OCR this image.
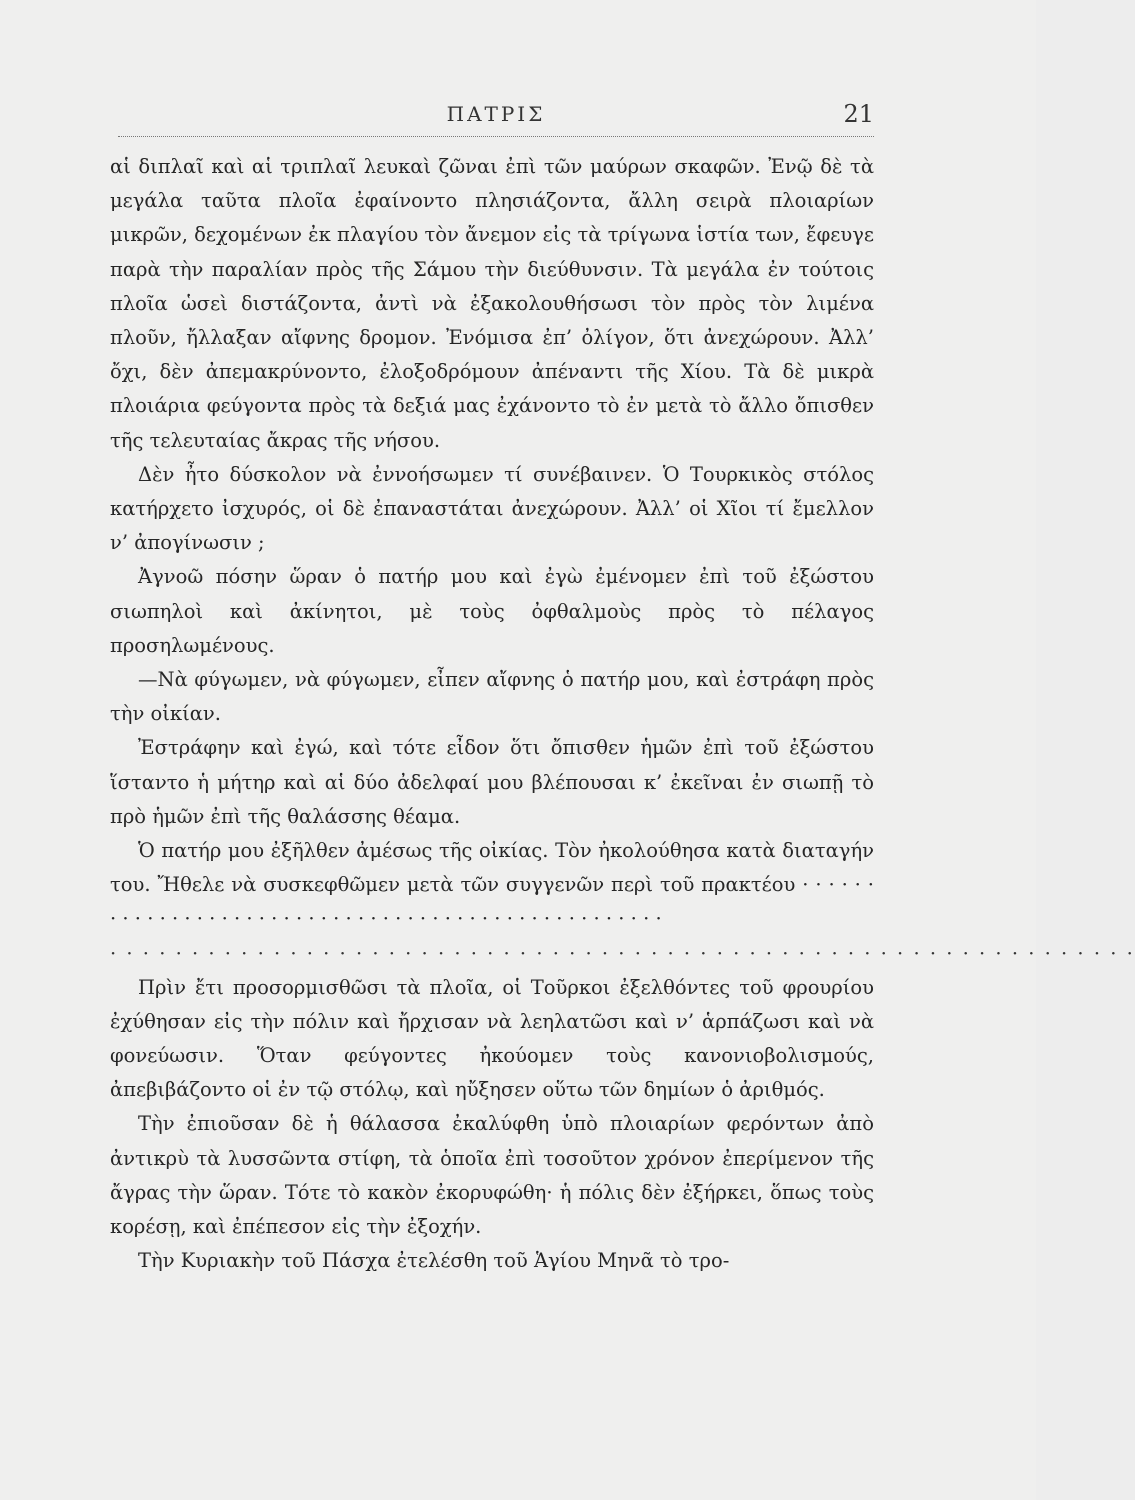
ΠΑΤΡΙΣ	21

αἱ διπλαῖ καὶ αἱ τριπλαῖ λευκαὶ ζῶναι ἐπὶ τῶν μαύρων σκαφῶν. Ἐνῷ δὲ τὰ μεγάλα ταῦτα πλοῖα ἐφαίνοντο πλησιάζοντα, ἄλλη σειρὰ πλοιαρίων μικρῶν, δεχομένων ἐκ πλαγίου τὸν ἄνεμον εἰς τὰ τρίγωνα ἱστία των, ἔφευγε παρὰ τὴν παραλίαν πρὸς τῆς Σάμου τὴν διεύθυνσιν. Τὰ μεγάλα ἐν τούτοις πλοῖα ὡσεὶ διστάζοντα, ἀντὶ νὰ ἐξακολουθήσωσι τὸν πρὸς τὸν λιμένα πλοῦν, ἤλλαξαν αἴφνης δρομον. Ἐνόμισα ἐπ’ ὀλίγον, ὅτι ἀνεχώρουν. Ἀλλ’ ὄχι, δὲν ἀπεμακρύνοντο, ἐλοξοδρόμουν ἀπέναντι τῆς Χίου. Τὰ δὲ μικρὰ πλοιάρια φεύγοντα πρὸς τὰ δεξιά μας ἐχάνοντο τὸ ἐν μετὰ τὸ ἄλλο ὄπισθεν τῆς τελευταίας ἄκρας τῆς νήσου.

Δὲν ἦτο δύσκολον νὰ ἐννοήσωμεν τί συνέβαινεν. Ὁ Τουρκικὸς στόλος κατήρχετο ἰσχυρός, οἱ δὲ ἐπαναστάται ἀνεχώρουν. Ἀλλ’ οἱ Χῖοι τί ἔμελλον ν’ ἀπογίνωσιν ;

Ἀγνοῶ πόσην ὥραν ὁ πατήρ μου καὶ ἐγὼ ἐμένομεν ἐπὶ τοῦ ἐξώστου σιωπηλοὶ καὶ ἀκίνητοι, μὲ τοὺς ὀφθαλμοὺς πρὸς τὸ πέλαγος προσηλωμένους.

—Νὰ φύγωμεν, νὰ φύγωμεν, εἶπεν αἴφνης ὁ πατήρ μου, καὶ ἐστράφη πρὸς τὴν οἰκίαν.

Ἐστράφην καὶ ἐγώ, καὶ τότε εἶδον ὅτι ὄπισθεν ἡμῶν ἐπὶ τοῦ ἐξώστου ἵσταντο ἡ μήτηρ καὶ αἱ δύο ἀδελφαί μου βλέπουσαι κ’ ἐκεῖναι ἐν σιωπῇ τὸ πρὸ ἡμῶν ἐπὶ τῆς θαλάσσης θέαμα.

Ὁ πατήρ μου ἐξῆλθεν ἀμέσως τῆς οἰκίας. Τὸν ἠκολούθησα κατὰ διαταγήν του. Ἤθελε νὰ συσκεφθῶμεν μετὰ τῶν συγγενῶν περὶ τοῦ πρακτέου · · · · · · · · · · · · · · · · · · · · · · · · · · · · · · · · · · · · · · · · · · · · · · · · · · ·

· · · · · · · · · · · · · · · · · · · · · · · · · · · · · · · · · · · · · · · · · · · · · · · · · · · · · · · · · · · · · · ·

Πρὶν ἔτι προσορμισθῶσι τὰ πλοῖα, οἱ Τοῦρκοι ἐξελθόντες τοῦ φρουρίου ἐχύθησαν εἰς τὴν πόλιν καὶ ἤρχισαν νὰ λεηλατῶσι καὶ ν’ ἁρπάζωσι καὶ νὰ φονεύωσιν. Ὅταν φεύγοντες ἠκούομεν τοὺς κανονιοβολισμούς, ἀπεβιβάζοντο οἱ ἐν τῷ στόλῳ, καὶ ηὔξησεν οὕτω τῶν δημίων ὁ ἀριθμός.

Τὴν ἐπιοῦσαν δὲ ἡ θάλασσα ἐκαλύφθη ὑπὸ πλοιαρίων φερόντων ἀπὸ ἀντικρὺ τὰ λυσσῶντα στίφη, τὰ ὁποῖα ἐπὶ τοσοῦτον χρόνον ἐπερίμενον τῆς ἄγρας τὴν ὥραν. Τότε τὸ κακὸν ἐκορυφώθη· ἡ πόλις δὲν ἐξήρκει, ὅπως τοὺς κορέσῃ, καὶ ἐπέπεσον εἰς τὴν ἐξοχήν.

Τὴν Κυριακὴν τοῦ Πάσχα ἐτελέσθη τοῦ Ἁγίου Μηνᾶ τὸ τρο-
